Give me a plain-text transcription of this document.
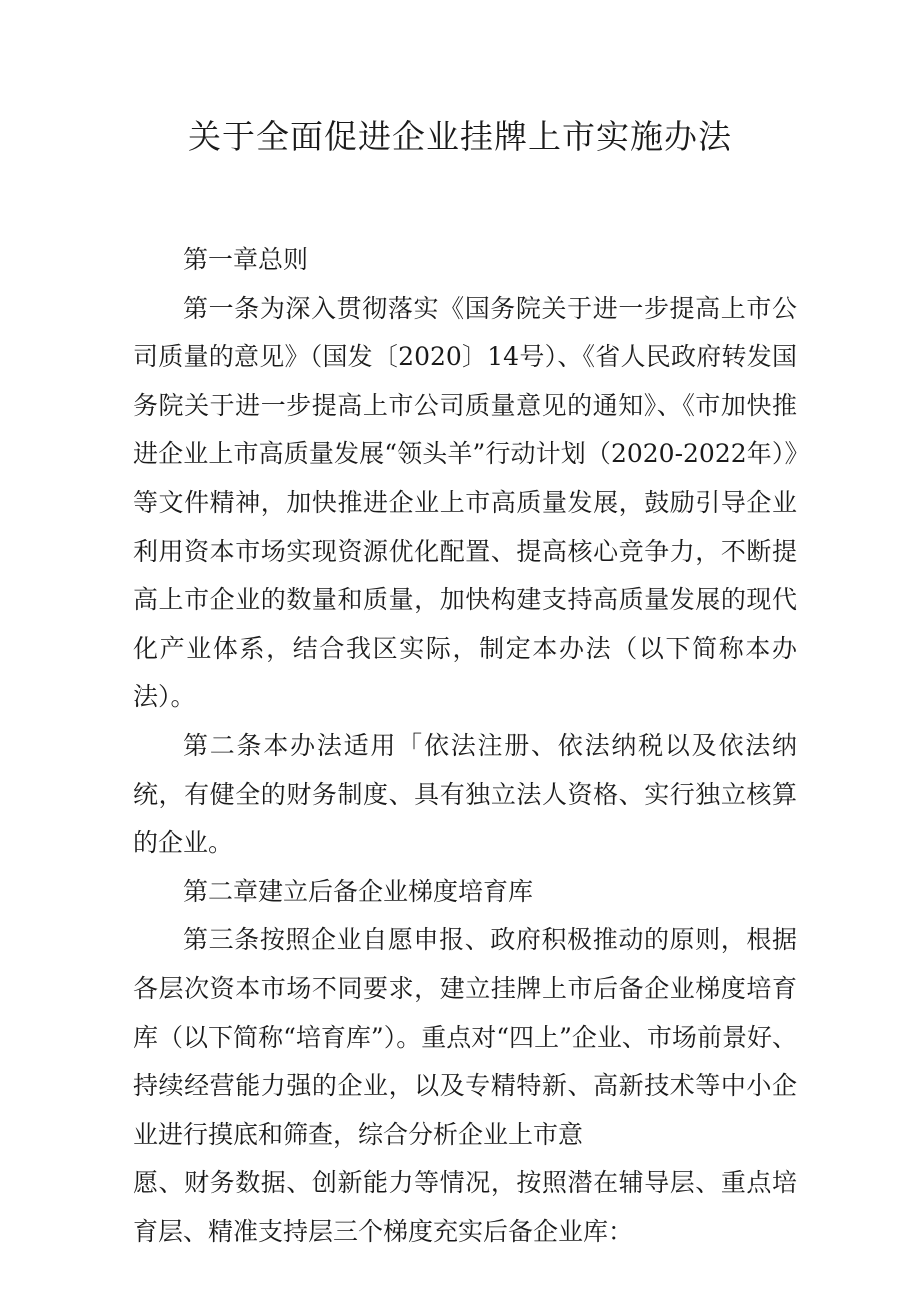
关于全面促进企业挂牌上市实施办法

第一章总则

第一条为深入贯彻落实《国务院关于进一步提高上市公司质量的意见》（国发〔2020〕14号）、《省人民政府转发国务院关于进一步提高上市公司质量意见的通知》、《市加快推进企业上市高质量发展“领头羊”行动计划（2020-2022年）》等文件精神，加快推进企业上市高质量发展，鼓励引导企业利用资本市场实现资源优化配置、提高核心竞争力，不断提高上市企业的数量和质量，加快构建支持高质量发展的现代化产业体系，结合我区实际，制定本办法（以下简称本办法）。

第二条本办法适用「依法注册、依法纳税以及依法纳统，有健全的财务制度、具有独立法人资格、实行独立核算的企业。

第二章建立后备企业梯度培育库

第三条按照企业自愿申报、政府积极推动的原则，根据各层次资本市场不同要求，建立挂牌上市后备企业梯度培育库（以下简称“培育库”）。重点对“四上”企业、市场前景好、持续经营能力强的企业，以及专精特新、高新技术等中小企业进行摸底和筛查，综合分析企业上市意

愿、财务数据、创新能力等情况，按照潜在辅导层、重点培育层、精准支持层三个梯度充实后备企业库：
